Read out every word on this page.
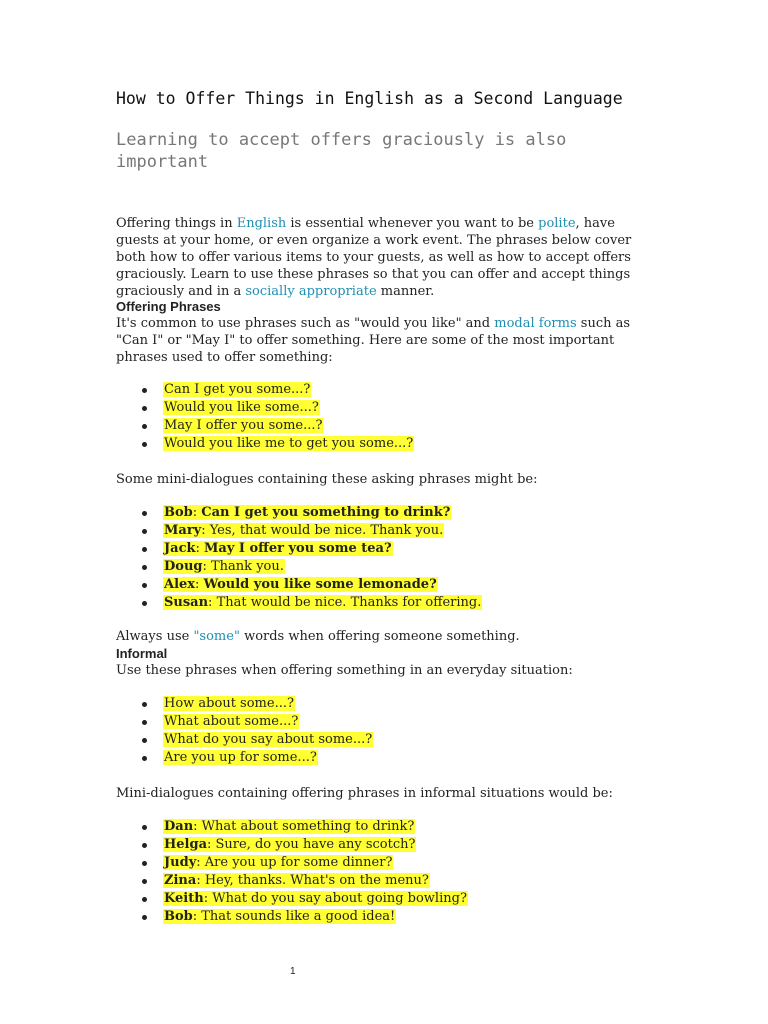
How to Offer Things in English as a Second Language
Learning to accept offers graciously is also important

Offering things in English is essential whenever you want to be polite, have guests at your home, or even organize a work event. The phrases below cover both how to offer various items to your guests, as well as how to accept offers graciously. Learn to use these phrases so that you can offer and accept things graciously and in a socially appropriate manner.

Offering Phrases

It's common to use phrases such as "would you like" and modal forms such as "Can I" or "May I" to offer something. Here are some of the most important phrases used to offer something:

Can I get you some...?
Would you like some...?
May I offer you some...?
Would you like me to get you some...?

Some mini-dialogues containing these asking phrases might be:

Bob: Can I get you something to drink?
Mary: Yes, that would be nice. Thank you.
Jack: May I offer you some tea?
Doug: Thank you.
Alex: Would you like some lemonade?
Susan: That would be nice. Thanks for offering.

Always use "some" words when offering someone something.

Informal

Use these phrases when offering something in an everyday situation:

How about some...?
What about some...?
What do you say about some...?
Are you up for some...?

Mini-dialogues containing offering phrases in informal situations would be:

Dan: What about something to drink?
Helga: Sure, do you have any scotch?
Judy: Are you up for some dinner?
Zina: Hey, thanks. What's on the menu?
Keith: What do you say about going bowling?
Bob: That sounds like a good idea!
1
